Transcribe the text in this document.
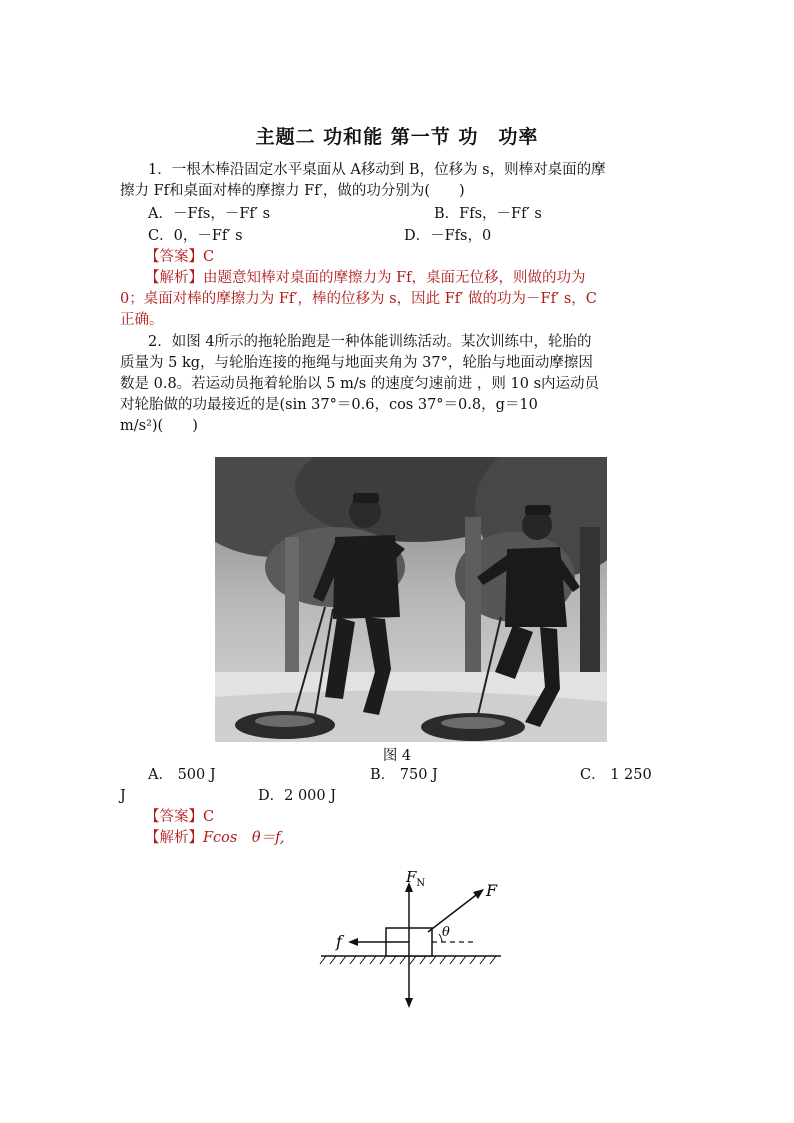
主题二 功和能 第一节 功　功率
1．一根木棒沿固定水平桌面从 A移动到 B，位移为 s，则棒对桌面的摩
擦力 Ff和桌面对棒的摩擦力 Ff′，做的功分别为(　　)
A．－Ffs，－Ff′ s	B．Ffs，－Ff′ s
C．0，－Ff′ s	D．－Ffs，0
【答案】C
【解析】由题意知棒对桌面的摩擦力为 Ff，桌面无位移，则做的功为
0；桌面对棒的摩擦力为 Ff′，棒的位移为 s，因此 Ff′ 做的功为－Ff′ s，C
正确。
2．如图 4所示的拖轮胎跑是一种体能训练活动。某次训练中，轮胎的
质量为 5 kg，与轮胎连接的拖绳与地面夹角为 37°，轮胎与地面动摩擦因
数是 0.8。若运动员拖着轮胎以 5 m/s 的速度匀速前进 ，则 10 s内运动员
对轮胎做的功最接近的是(sin 37°＝0.6，cos 37°＝0.8，g＝10
m/s²)(　　)
图 4
A． 500 J	B． 750 J	C． 1 250
J	D．2 000 J
【答案】C
【解析】Fcos　θ＝f,
$F_N$	F
f	θ
